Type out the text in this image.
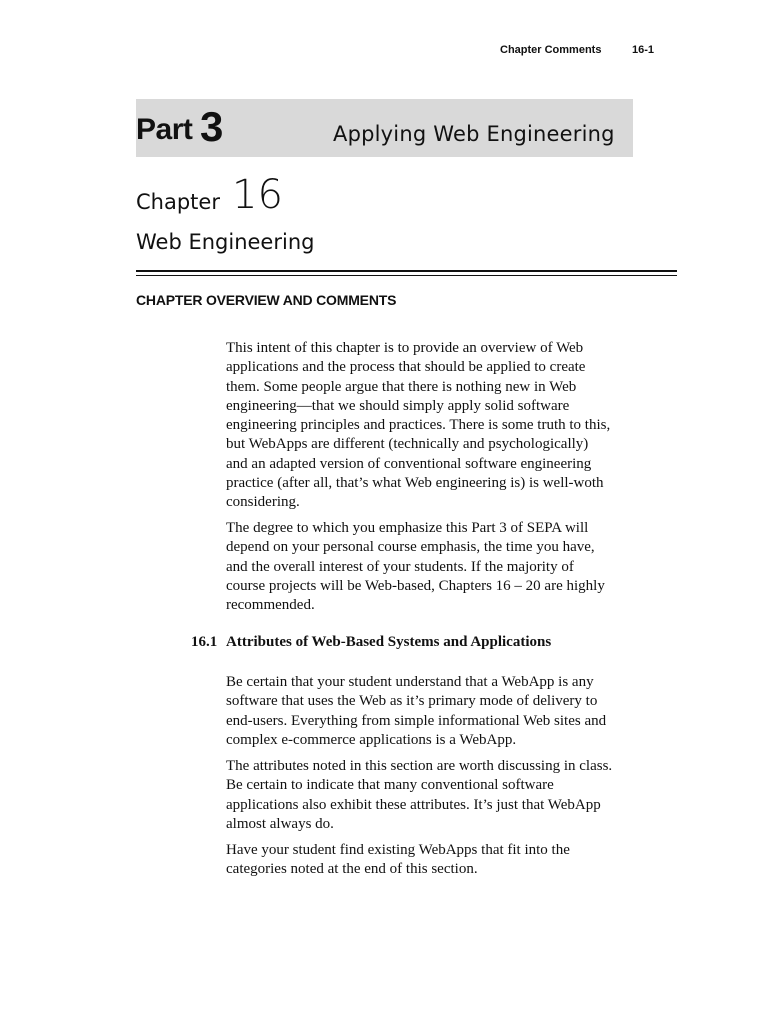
Chapter Comments	16-1
Part 3	Applying Web Engineering
Chapter 16
Web Engineering
CHAPTER OVERVIEW AND COMMENTS

This intent of this chapter is to provide an overview of Web
applications and the process that should be applied to create
them. Some people argue that there is nothing new in Web
engineering—that we should simply apply solid software
engineering principles and practices. There is some truth to this,
but WebApps are different (technically and psychologically)
and an adapted version of conventional software engineering
practice (after all, that’s what Web engineering is) is well-woth
considering.

The degree to which you emphasize this Part 3 of SEPA will
depend on your personal course emphasis, the time you have,
and the overall interest of your students. If the majority of
course projects will be Web-based, Chapters 16 – 20 are highly
recommended.

16.1 Attributes of Web-Based Systems and Applications

Be certain that your student understand that a WebApp is any
software that uses the Web as it’s primary mode of delivery to
end-users. Everything from simple informational Web sites and
complex e-commerce applications is a WebApp.

The attributes noted in this section are worth discussing in class.
Be certain to indicate that many conventional software
applications also exhibit these attributes. It’s just that WebApp
almost always do.

Have your student find existing WebApps that fit into the
categories noted at the end of this section.
